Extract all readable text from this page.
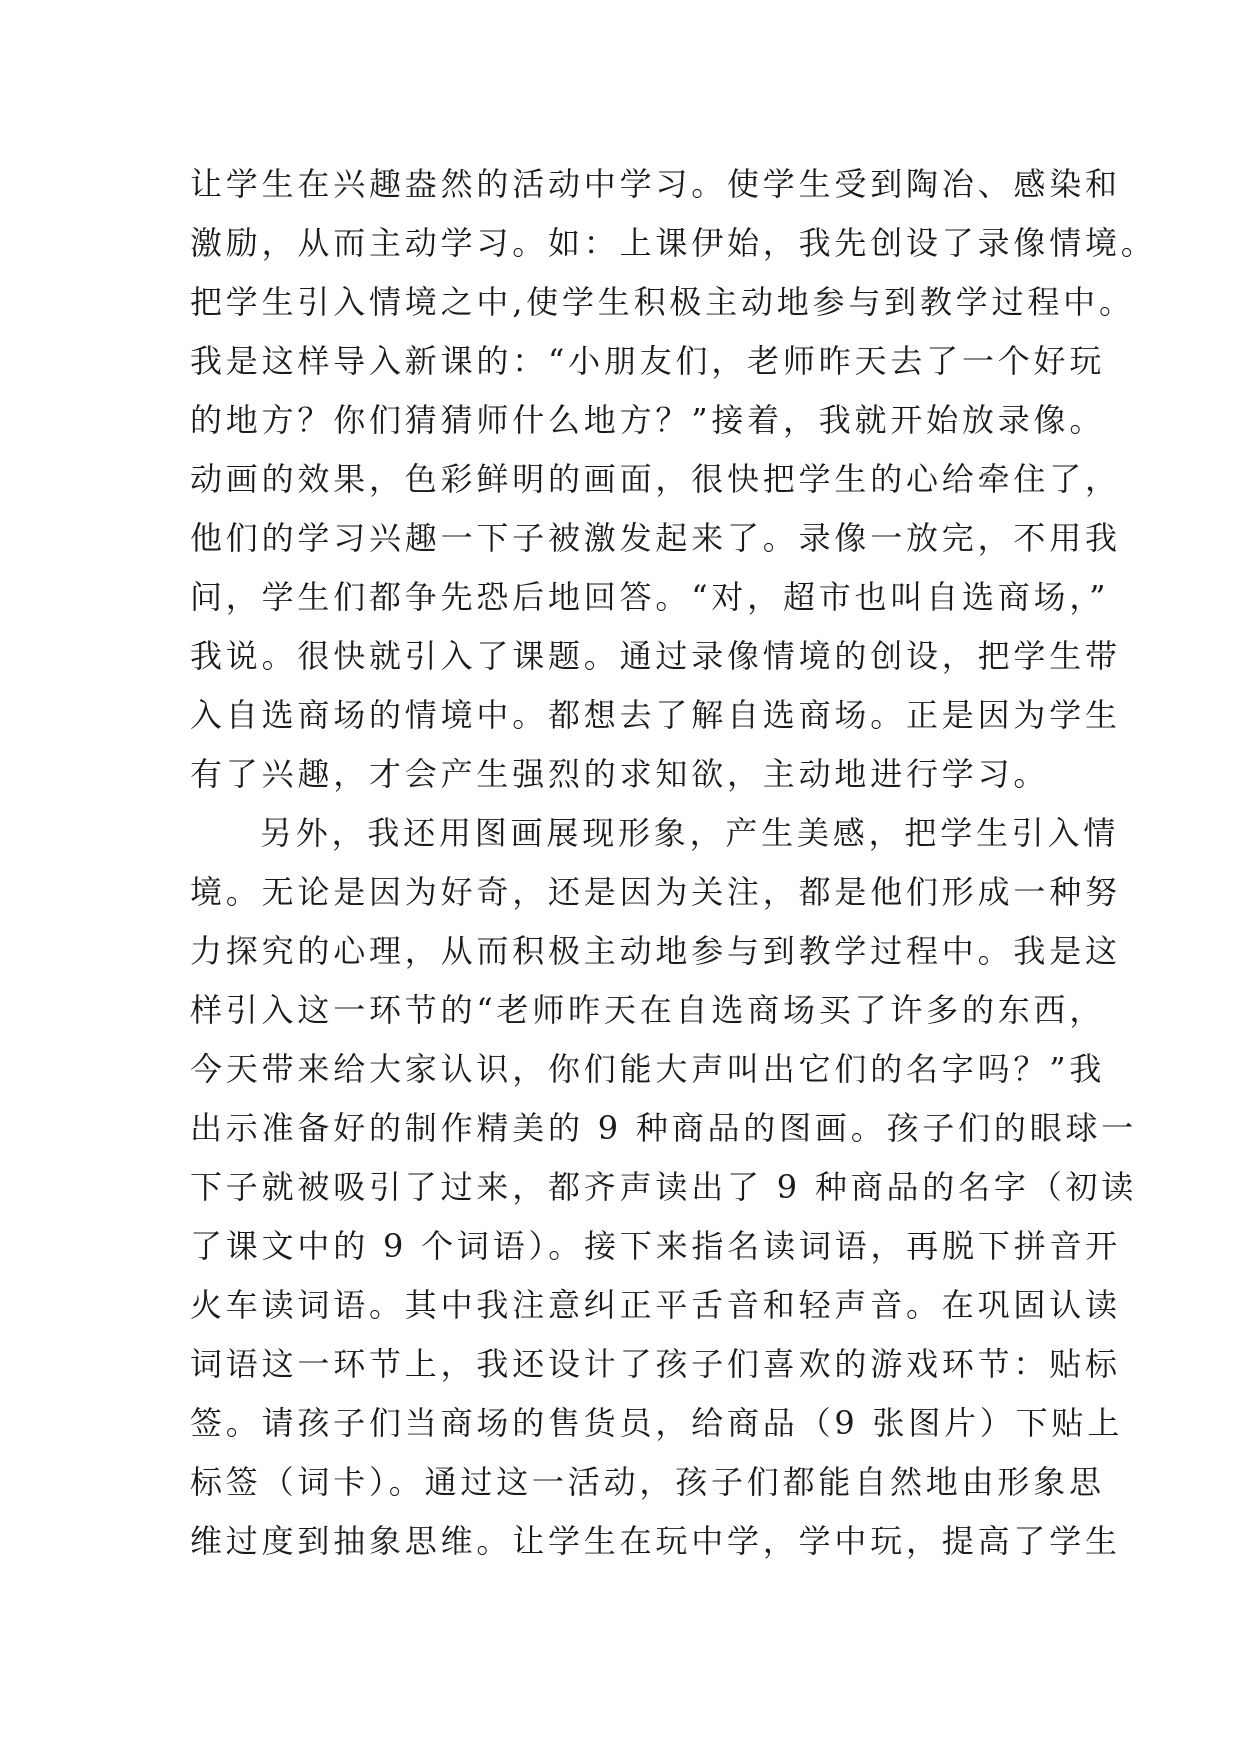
让学生在兴趣盎然的活动中学习。使学生受到陶冶、感染和
激励，从而主动学习。如：上课伊始，我先创设了录像情境。
把学生引入情境之中,使学生积极主动地参与到教学过程中。
我是这样导入新课的：“小朋友们，老师昨天去了一个好玩
的地方？你们猜猜师什么地方？”接着，我就开始放录像。
动画的效果，色彩鲜明的画面，很快把学生的心给牵住了，
他们的学习兴趣一下子被激发起来了。录像一放完，不用我
问，学生们都争先恐后地回答。“对，超市也叫自选商场，”
我说。很快就引入了课题。通过录像情境的创设，把学生带
入自选商场的情境中。都想去了解自选商场。正是因为学生
有了兴趣，才会产生强烈的求知欲，主动地进行学习。
另外，我还用图画展现形象，产生美感，把学生引入情
境。无论是因为好奇，还是因为关注，都是他们形成一种努
力探究的心理，从而积极主动地参与到教学过程中。我是这
样引入这一环节的“老师昨天在自选商场买了许多的东西，
今天带来给大家认识，你们能大声叫出它们的名字吗？”我
出示准备好的制作精美的 9 种商品的图画。孩子们的眼球一
下子就被吸引了过来，都齐声读出了 9 种商品的名字（初读
了课文中的 9 个词语）。接下来指名读词语，再脱下拼音开
火车读词语。其中我注意纠正平舌音和轻声音。在巩固认读
词语这一环节上，我还设计了孩子们喜欢的游戏环节：贴标
签。请孩子们当商场的售货员，给商品（9 张图片）下贴上
标签（词卡）。通过这一活动，孩子们都能自然地由形象思
维过度到抽象思维。让学生在玩中学，学中玩，提高了学生
